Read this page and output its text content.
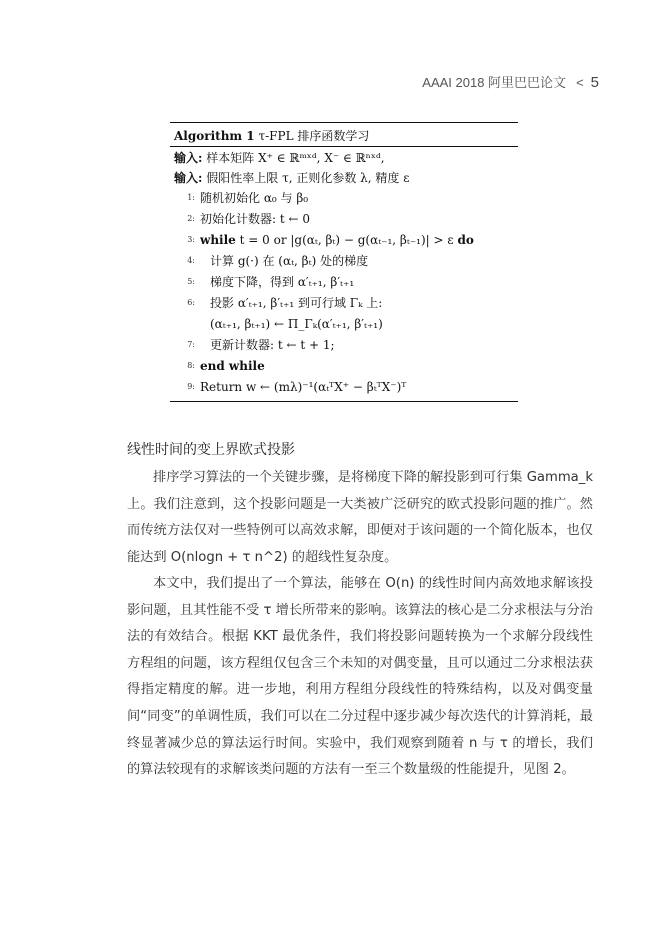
AAAI 2018 阿里巴巴论文 < 5
Algorithm 1 τ-FPL 排序函数学习
输入:
样本矩阵 X⁺ ∈ ℝᵐˣᵈ, X⁻ ∈ ℝⁿˣᵈ,
输入:
假阳性率上限 τ, 正则化参数 λ, 精度 ε
1: 随机初始化 α₀ 与 β₀
2: 初始化计数器: t ← 0
3: while t = 0 or |g(αₜ, βₜ) − g(αₜ₋₁, βₜ₋₁)| > ε do
4:	计算 g(·) 在 (αₜ, βₜ) 处的梯度
5:	梯度下降，得到 α′ₜ₊₁, β′ₜ₊₁
6:	投影 α′ₜ₊₁, β′ₜ₊₁ 到可行域 Γₖ 上:
(αₜ₊₁, βₜ₊₁) ← Π_Γₖ(α′ₜ₊₁, β′ₜ₊₁)
7:	更新计数器: t ← t + 1;
8: end while
9: Return w ← (mλ)⁻¹(αₜᵀX⁺ − βₜᵀX⁻)ᵀ
线性时间的变上界欧式投影

排序学习算法的一个关键步骤，是将梯度下降的解投影到可行集 Gamma_k 上。我们注意到，这个投影问题是一大类被广泛研究的欧式投影问题的推广。然而传统方法仅对一些特例可以高效求解，即便对于该问题的一个简化版本，也仅能达到 O(nlogn + τ n^2) 的超线性复杂度。

本文中，我们提出了一个算法，能够在 O(n) 的线性时间内高效地求解该投影问题，且其性能不受 τ 增长所带来的影响。该算法的核心是二分求根法与分治法的有效结合。根据 KKT 最优条件，我们将投影问题转换为一个求解分段线性方程组的问题，该方程组仅包含三个未知的对偶变量，且可以通过二分求根法获得指定精度的解。进一步地，利用方程组分段线性的特殊结构，以及对偶变量间“同变”的单调性质，我们可以在二分过程中逐步减少每次迭代的计算消耗，最终显著减少总的算法运行时间。实验中，我们观察到随着 n 与 τ 的增长，我们的算法较现有的求解该类问题的方法有一至三个数量级的性能提升，见图 2。
